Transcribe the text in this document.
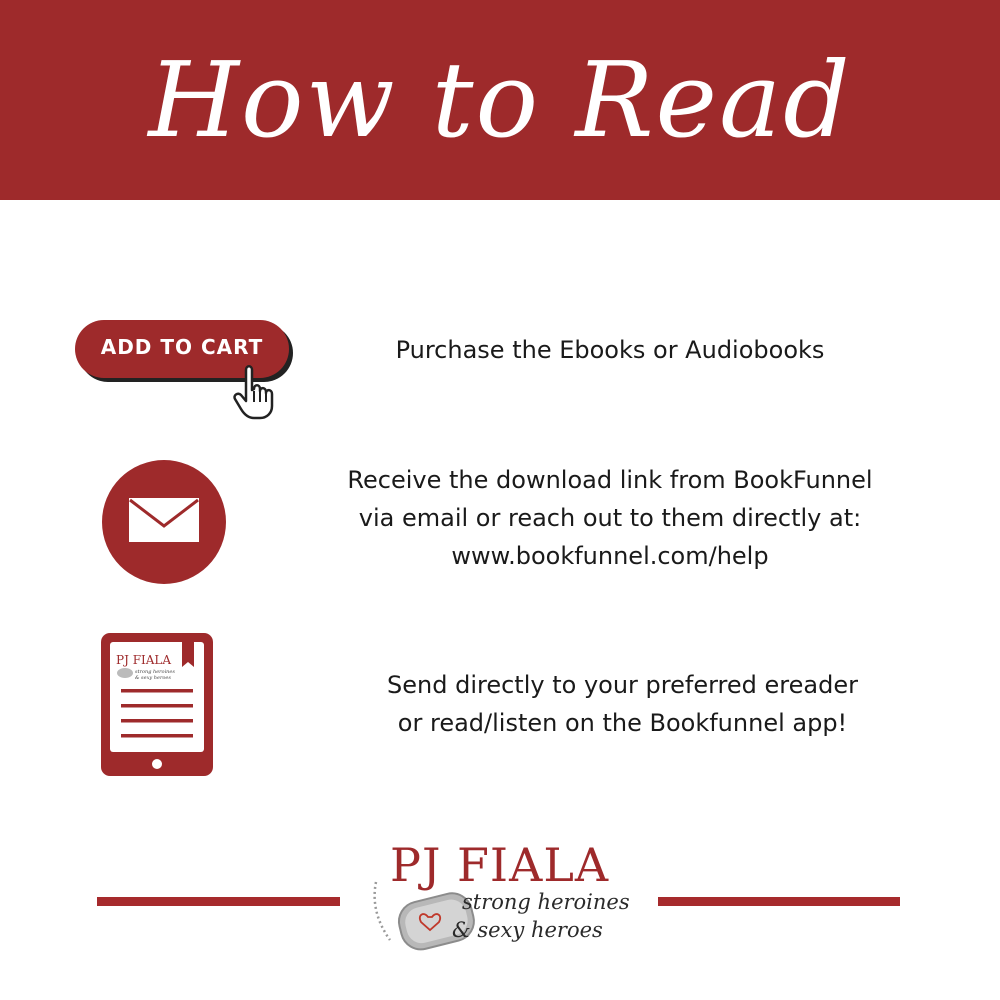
How to Read
ADD TO CART	Purchase the Ebooks or Audiobooks
Receive the download link from BookFunnel
via email or reach out to them directly at:
www.bookfunnel.com/help
PJ FIALA
strong heroines
& sexy heroes	Send directly to your preferred ereader
or read/listen on the Bookfunnel app!
PJ FIALA
strong heroines
& sexy heroes
